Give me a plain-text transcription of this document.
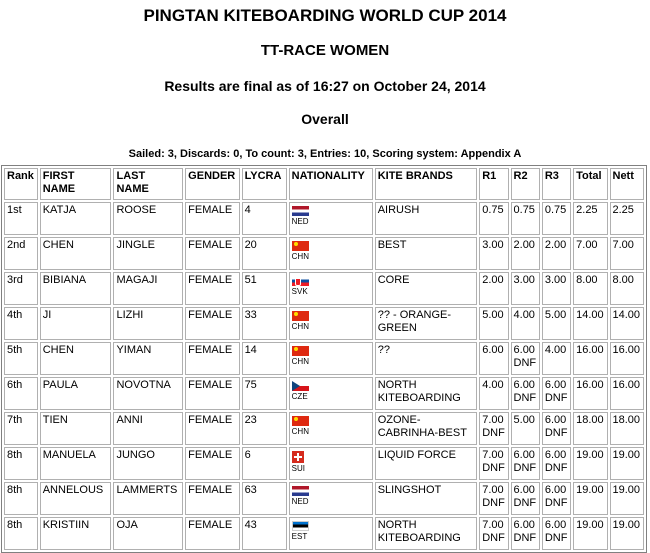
PINGTAN KITEBOARDING WORLD CUP 2014
TT-RACE WOMEN
Results are final as of 16:27 on October 24, 2014
Overall
Sailed: 3, Discards: 0, To count: 3, Entries: 10, Scoring system: Appendix A
Rank	FIRST NAME	LAST NAME	GENDER	LYCRA	NATIONALITY	KITE BRANDS	R1	R2	R3	Total	Nett
1st	KATJA	ROOSE	FEMALE	4	NED	AIRUSH	0.75	0.75	0.75	2.25	2.25
2nd	CHEN	JINGLE	FEMALE	20	CHN	BEST	3.00	2.00	2.00	7.00	7.00
3rd	BIBIANA	MAGAJI	FEMALE	51	SVK	CORE	2.00	3.00	3.00	8.00	8.00
4th	JI	LIZHI	FEMALE	33	CHN	?? - ORANGE-GREEN	5.00	4.00	5.00	14.00	14.00
5th	CHEN	YIMAN	FEMALE	14	CHN	??	6.00	6.00 DNF	4.00	16.00	16.00
6th	PAULA	NOVOTNA	FEMALE	75	CZE	NORTH KITEBOARDING	4.00	6.00 DNF	6.00 DNF	16.00	16.00
7th	TIEN	ANNI	FEMALE	23	CHN	OZONE-CABRINHA-BEST	7.00 DNF	5.00	6.00 DNF	18.00	18.00
8th	MANUELA	JUNGO	FEMALE	6	SUI	LIQUID FORCE	7.00 DNF	6.00 DNF	6.00 DNF	19.00	19.00
8th	ANNELOUS	LAMMERTS	FEMALE	63	NED	SLINGSHOT	7.00 DNF	6.00 DNF	6.00 DNF	19.00	19.00
8th	KRISTIIN	OJA	FEMALE	43	EST	NORTH KITEBOARDING	7.00 DNF	6.00 DNF	6.00 DNF	19.00	19.00
